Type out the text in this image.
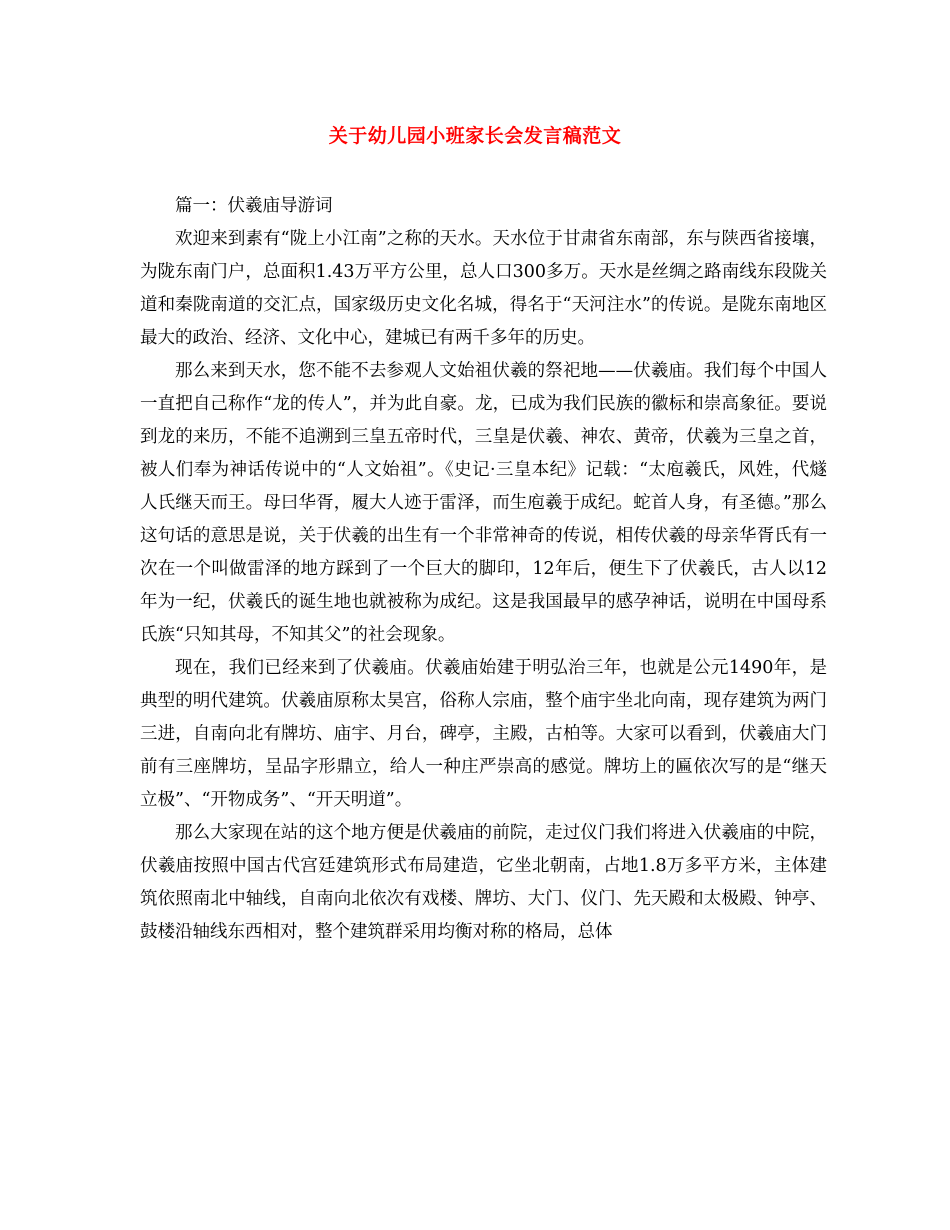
关于幼儿园小班家长会发言稿范文

篇一：伏羲庙导游词

欢迎来到素有“陇上小江南”之称的天水。天水位于甘肃省东南部，东与陕西省接壤，为陇东南门户，总面积1.43万平方公里，总人口300多万。天水是丝绸之路南线东段陇关道和秦陇南道的交汇点，国家级历史文化名城，得名于“天河注水”的传说。是陇东南地区最大的政治、经济、文化中心，建城已有两千多年的历史。

那么来到天水，您不能不去参观人文始祖伏羲的祭祀地——伏羲庙。我们每个中国人一直把自己称作“龙的传人”，并为此自豪。龙，已成为我们民族的徽标和崇高象征。要说到龙的来历，不能不追溯到三皇五帝时代，三皇是伏羲、神农、黄帝，伏羲为三皇之首，被人们奉为神话传说中的“人文始祖”。《史记·三皇本纪》记载：“太庖羲氏，风姓，代燧人氏继天而王。母曰华胥，履大人迹于雷泽，而生庖羲于成纪。蛇首人身，有圣德。”那么这句话的意思是说，关于伏羲的出生有一个非常神奇的传说，相传伏羲的母亲华胥氏有一次在一个叫做雷泽的地方踩到了一个巨大的脚印，12年后，便生下了伏羲氏，古人以12年为一纪，伏羲氏的诞生地也就被称为成纪。这是我国最早的感孕神话，说明在中国母系氏族“只知其母，不知其父”的社会现象。

现在，我们已经来到了伏羲庙。伏羲庙始建于明弘治三年，也就是公元1490年，是典型的明代建筑。伏羲庙原称太昊宫，俗称人宗庙，整个庙宇坐北向南，现存建筑为两门三进，自南向北有牌坊、庙宇、月台，碑亭，主殿，古柏等。大家可以看到，伏羲庙大门前有三座牌坊，呈品字形鼎立，给人一种庄严崇高的感觉。牌坊上的匾依次写的是“继天立极”、“开物成务”、“开天明道”。

那么大家现在站的这个地方便是伏羲庙的前院，走过仪门我们将进入伏羲庙的中院，伏羲庙按照中国古代宫廷建筑形式布局建造，它坐北朝南，占地1.8万多平方米，主体建筑依照南北中轴线，自南向北依次有戏楼、牌坊、大门、仪门、先天殿和太极殿、钟亭、鼓楼沿轴线东西相对，整个建筑群采用均衡对称的格局，总体
